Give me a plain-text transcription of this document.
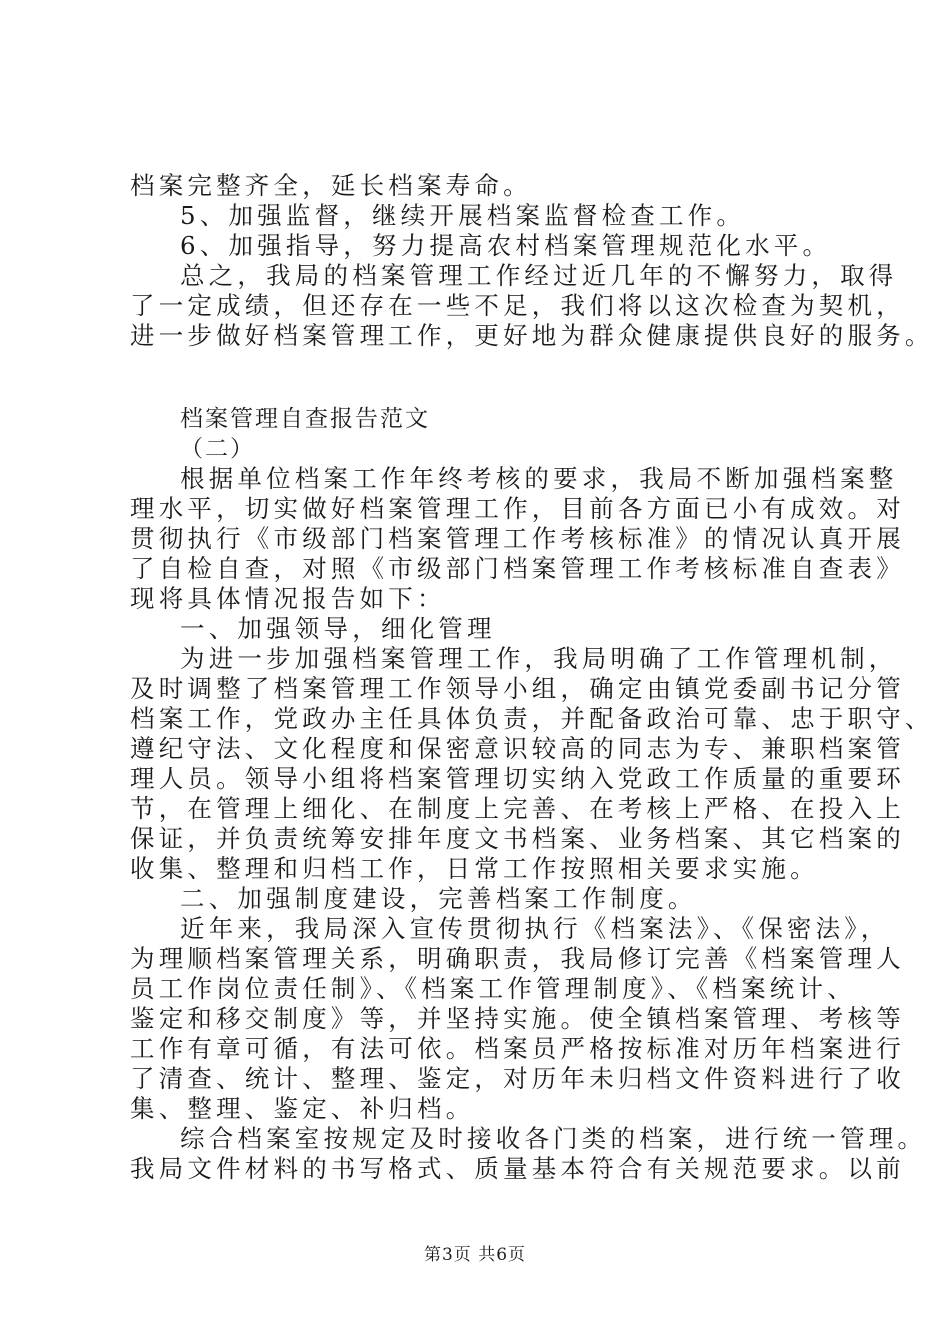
档案完整齐全，延长档案寿命。
5、加强监督，继续开展档案监督检查工作。
6、加强指导，努力提高农村档案管理规范化水平。
总之，我局的档案管理工作经过近几年的不懈努力，取得
了一定成绩，但还存在一些不足，我们将以这次检查为契机，
进一步做好档案管理工作，更好地为群众健康提供良好的服务。
档案管理自查报告范文
（二）
根据单位档案工作年终考核的要求，我局不断加强档案整
理水平，切实做好档案管理工作，目前各方面已小有成效。对
贯彻执行《市级部门档案管理工作考核标准》的情况认真开展
了自检自查，对照《市级部门档案管理工作考核标准自查表》
现将具体情况报告如下：
一、加强领导，细化管理
为进一步加强档案管理工作，我局明确了工作管理机制，
及时调整了档案管理工作领导小组，确定由镇党委副书记分管
档案工作，党政办主任具体负责，并配备政治可靠、忠于职守、
遵纪守法、文化程度和保密意识较高的同志为专、兼职档案管
理人员。领导小组将档案管理切实纳入党政工作质量的重要环
节，在管理上细化、在制度上完善、在考核上严格、在投入上
保证，并负责统筹安排年度文书档案、业务档案、其它档案的
收集、整理和归档工作，日常工作按照相关要求实施。
二、加强制度建设，完善档案工作制度。
近年来，我局深入宣传贯彻执行《档案法》、《保密法》，
为理顺档案管理关系，明确职责，我局修订完善《档案管理人
员工作岗位责任制》、《档案工作管理制度》、《档案统计、
鉴定和移交制度》等，并坚持实施。使全镇档案管理、考核等
工作有章可循，有法可依。档案员严格按标准对历年档案进行
了清查、统计、整理、鉴定，对历年未归档文件资料进行了收
集、整理、鉴定、补归档。
综合档案室按规定及时接收各门类的档案，进行统一管理。
我局文件材料的书写格式、质量基本符合有关规范要求。以前
第3页 共6页
